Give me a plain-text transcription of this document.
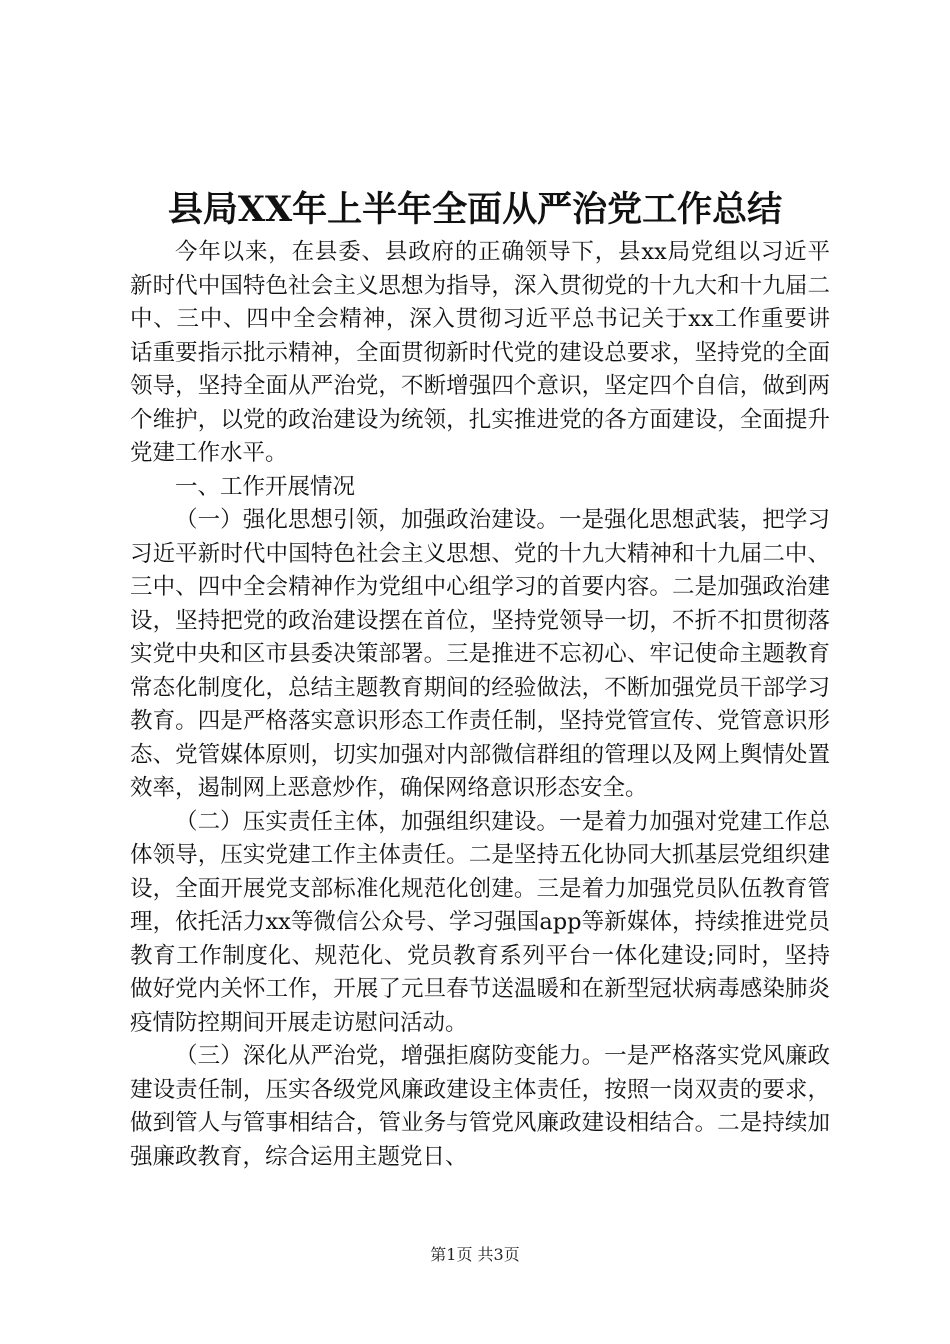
县局XX年上半年全面从严治党工作总结

今年以来，在县委、县政府的正确领导下，县xx局党组以习近平新时代中国特色社会主义思想为指导，深入贯彻党的十九大和十九届二中、三中、四中全会精神，深入贯彻习近平总书记关于xx工作重要讲话重要指示批示精神，全面贯彻新时代党的建设总要求，坚持党的全面领导，坚持全面从严治党，不断增强四个意识，坚定四个自信，做到两个维护，以党的政治建设为统领，扎实推进党的各方面建设，全面提升党建工作水平。

一、工作开展情况

（一）强化思想引领，加强政治建设。一是强化思想武装，把学习习近平新时代中国特色社会主义思想、党的十九大精神和十九届二中、三中、四中全会精神作为党组中心组学习的首要内容。二是加强政治建设，坚持把党的政治建设摆在首位，坚持党领导一切，不折不扣贯彻落实党中央和区市县委决策部署。三是推进不忘初心、牢记使命主题教育常态化制度化，总结主题教育期间的经验做法，不断加强党员干部学习教育。四是严格落实意识形态工作责任制，坚持党管宣传、党管意识形态、党管媒体原则，切实加强对内部微信群组的管理以及网上舆情处置效率，遏制网上恶意炒作，确保网络意识形态安全。

（二）压实责任主体，加强组织建设。一是着力加强对党建工作总体领导，压实党建工作主体责任。二是坚持五化协同大抓基层党组织建设，全面开展党支部标准化规范化创建。三是着力加强党员队伍教育管理，依托活力xx等微信公众号、学习强国app等新媒体，持续推进党员教育工作制度化、规范化、党员教育系列平台一体化建设;同时，坚持做好党内关怀工作，开展了元旦春节送温暖和在新型冠状病毒感染肺炎疫情防控期间开展走访慰问活动。

（三）深化从严治党，增强拒腐防变能力。一是严格落实党风廉政建设责任制，压实各级党风廉政建设主体责任，按照一岗双责的要求，做到管人与管事相结合，管业务与管党风廉政建设相结合。二是持续加强廉政教育，综合运用主题党日、

第1页 共3页
